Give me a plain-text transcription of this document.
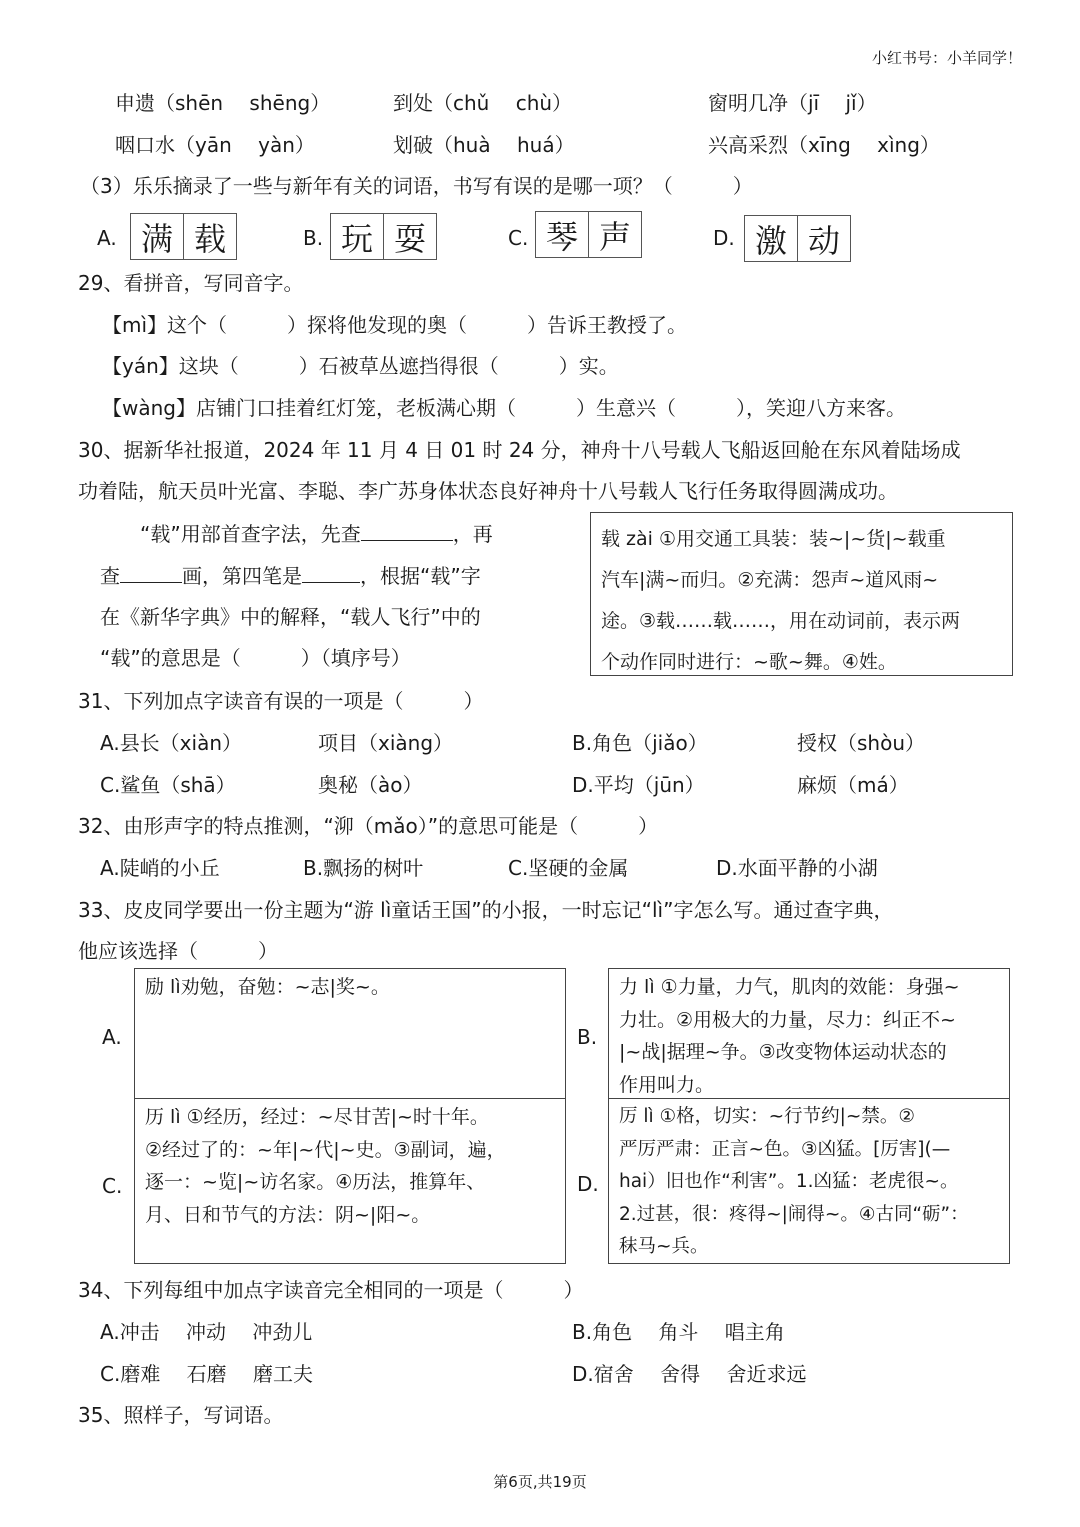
小红书号：小羊同学！
申遗（shēn　 shēng）	到处（chǔ　 chù）	窗明几净（jī　 jǐ）
咽口水（yān　 yàn）	划破（huà　 huá）	兴高采烈（xīng　 xìng）
（3）乐乐摘录了一些与新年有关的词语，书写有误的是哪一项？（　　　）
A. 满 载	B. 玩 耍	C. 琴 声	D. 激 动
29、看拼音，写同音字。
【mì】这个（　　　）探将他发现的奥（　　　）告诉王教授了。
【yán】这块（　　　）石被草丛遮挡得很（　　　）实。
【wàng】店铺门口挂着红灯笼，老板满心期（　　　）生意兴（　　　），笑迎八方来客。
30、据新华社报道，2024 年 11 月 4 日 01 时 24 分，神舟十八号载人飞船返回舱在东风着陆场成
功着陆，航天员叶光富、李聪、李广苏身体状态良好神舟十八号载人飞行任务取得圆满成功。
“载”用部首查字法，先查	，再
查	画，第四笔是	，根据“载”字
在《新华字典》中的解释，“载人飞行”中的
“载”的意思是（　　　）（填序号）
载 zài ①用交通工具装：装~|~货|~载重
汽车|满~而归。②充满：怨声~道风雨~
途。③载……载……，用在动词前，表示两
个动作同时进行：~歌~舞。④姓。
31、下列加点字读音有误的一项是（　　　）
A.县长（xiàn）	项目（xiàng）	B.角色（jiǎo）	授权（shòu）
C.鲨鱼（shā）	奥秘（ào）	D.平均（jūn）	麻烦（má）
32、由形声字的特点推测，“泖（mǎo）”的意思可能是（　　　）
A.陡峭的小丘	B.飘扬的树叶	C.坚硬的金属	D.水面平静的小湖
33、皮皮同学要出一份主题为“游 lì童话王国”的小报，一时忘记“lì”字怎么写。通过查字典，
他应该选择（　　　）
A.
励 lì劝勉，奋勉：~志|奖~。
B.
力 lì ①力量，力气，肌肉的效能：身强~
力壮。②用极大的力量，尽力：纠正不~
|~战|据理~争。③改变物体运动状态的
作用叫力。
C.
历 lì ①经历，经过：~尽甘苦|~时十年。
②经过了的：~年|~代|~史。③副词，遍，
逐一：~览|~访名家。④历法，推算年、
月、日和节气的方法：阴~|阳~。
D.
厉 lì ①格，切实：~行节约|~禁。②
严厉严肃：正言~色。③凶猛。[厉害](—
hai）旧也作“利害”。1.凶猛：老虎很~。
2.过甚，很：疼得~|闹得~。④古同“砺”：
秣马~兵。
34、下列每组中加点字读音完全相同的一项是（　　　）
A.冲击　 冲动　 冲劲儿	B.角色　 角斗　 唱主角
C.磨难　 石磨　 磨工夫	D.宿舍　 舍得　 舍近求远
35、照样子，写词语。
第6页,共19页
